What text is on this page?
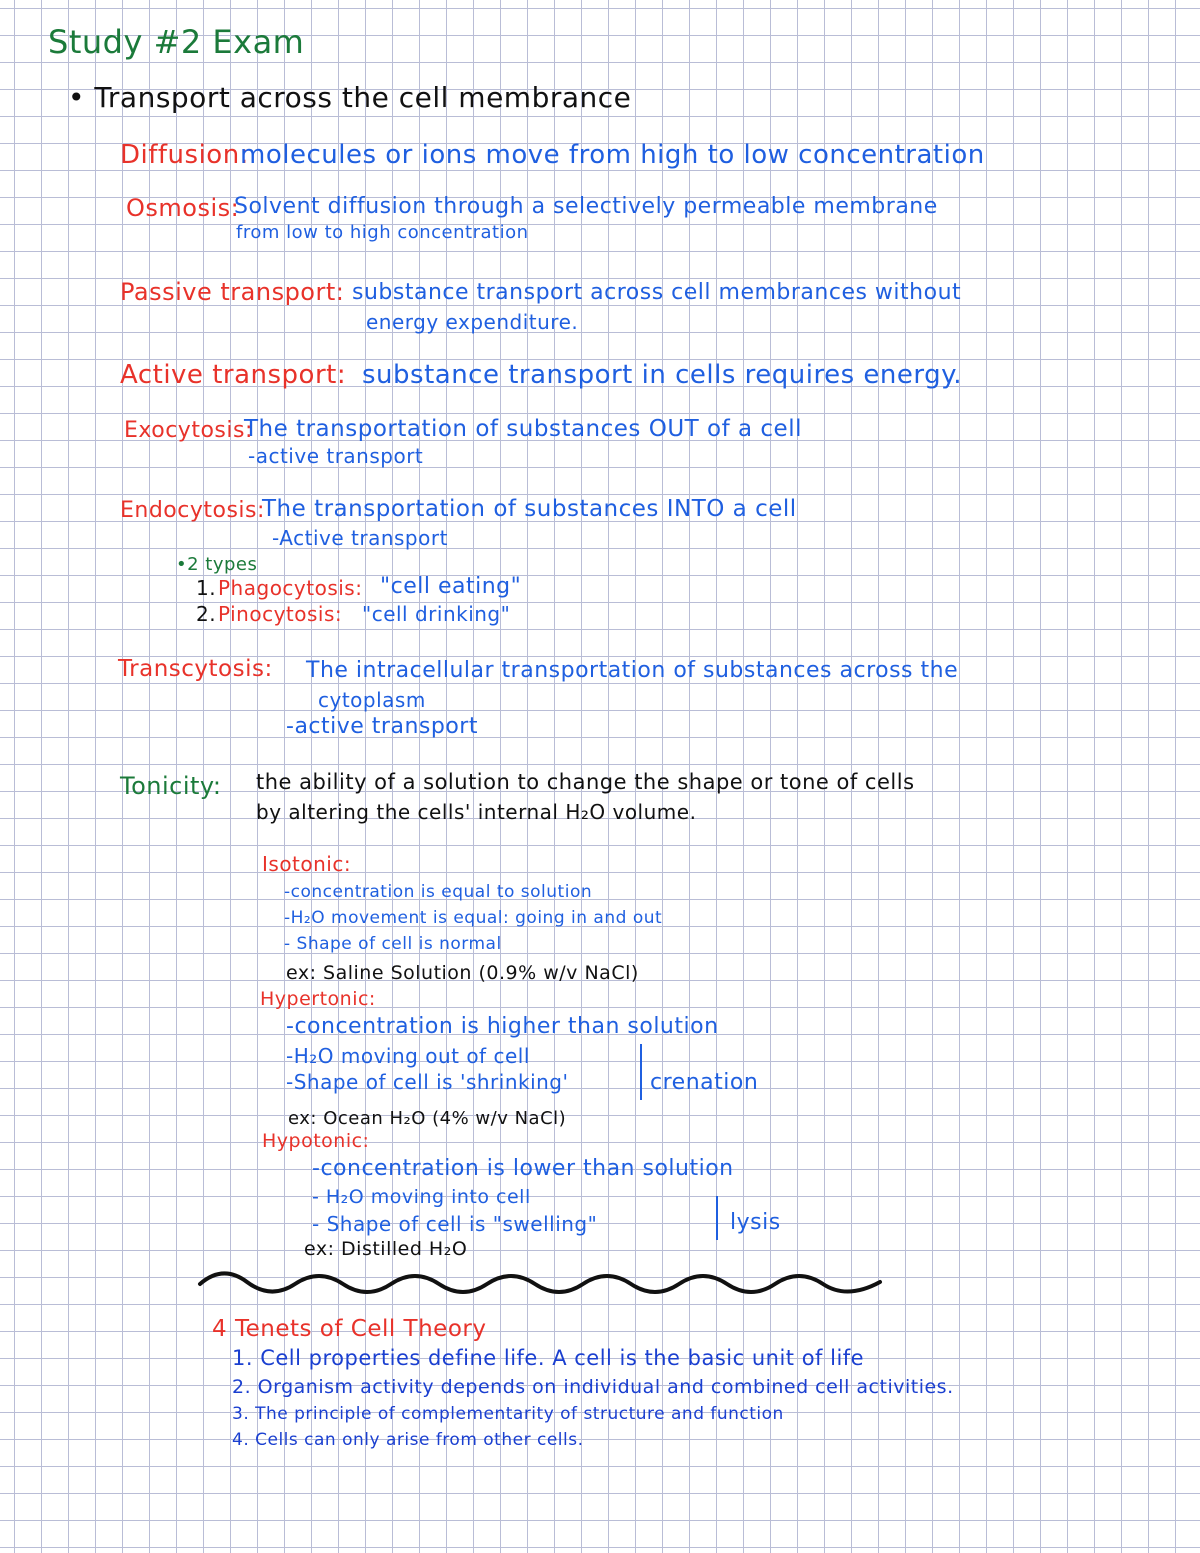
Study #2 Exam
• Transport across the cell membrance
Diffusion:
molecules or ions move from high to low concentration
Osmosis:
Solvent diffusion through a selectively permeable membrane
from low to high concentration
Passive transport: substance transport across cell membrances without
energy expenditure.
Active transport: substance transport in cells requires energy.
Exocytosis:
The transportation of substances OUT of a cell
-active transport
Endocytosis:
The transportation of substances INTO a cell
-Active transport
•2 types
1. Phagocytosis: "cell eating"
2. Pinocytosis: "cell drinking"
Transcytosis: The intracellular transportation of substances across the
cytoplasm
-active transport
Tonicity: the ability of a solution to change the shape or tone of cells
by altering the cells' internal H₂O volume.
Isotonic:
-concentration is equal to solution
-H₂O movement is equal: going in and out
- Shape of cell is normal
ex: Saline Solution (0.9% w/v NaCl)
Hypertonic:
-concentration is higher than solution
-H₂O moving out of cell
-Shape of cell is 'shrinking'	crenation
ex: Ocean H₂O (4% w/v NaCl)
Hypotonic:
-concentration is lower than solution
- H₂O moving into cell
- Shape of cell is "swelling"	lysis
ex: Distilled H₂O
4 Tenets of Cell Theory
1. Cell properties define life. A cell is the basic unit of life
2. Organism activity depends on individual and combined cell activities.
3. The principle of complementarity of structure and function
4. Cells can only arise from other cells.
